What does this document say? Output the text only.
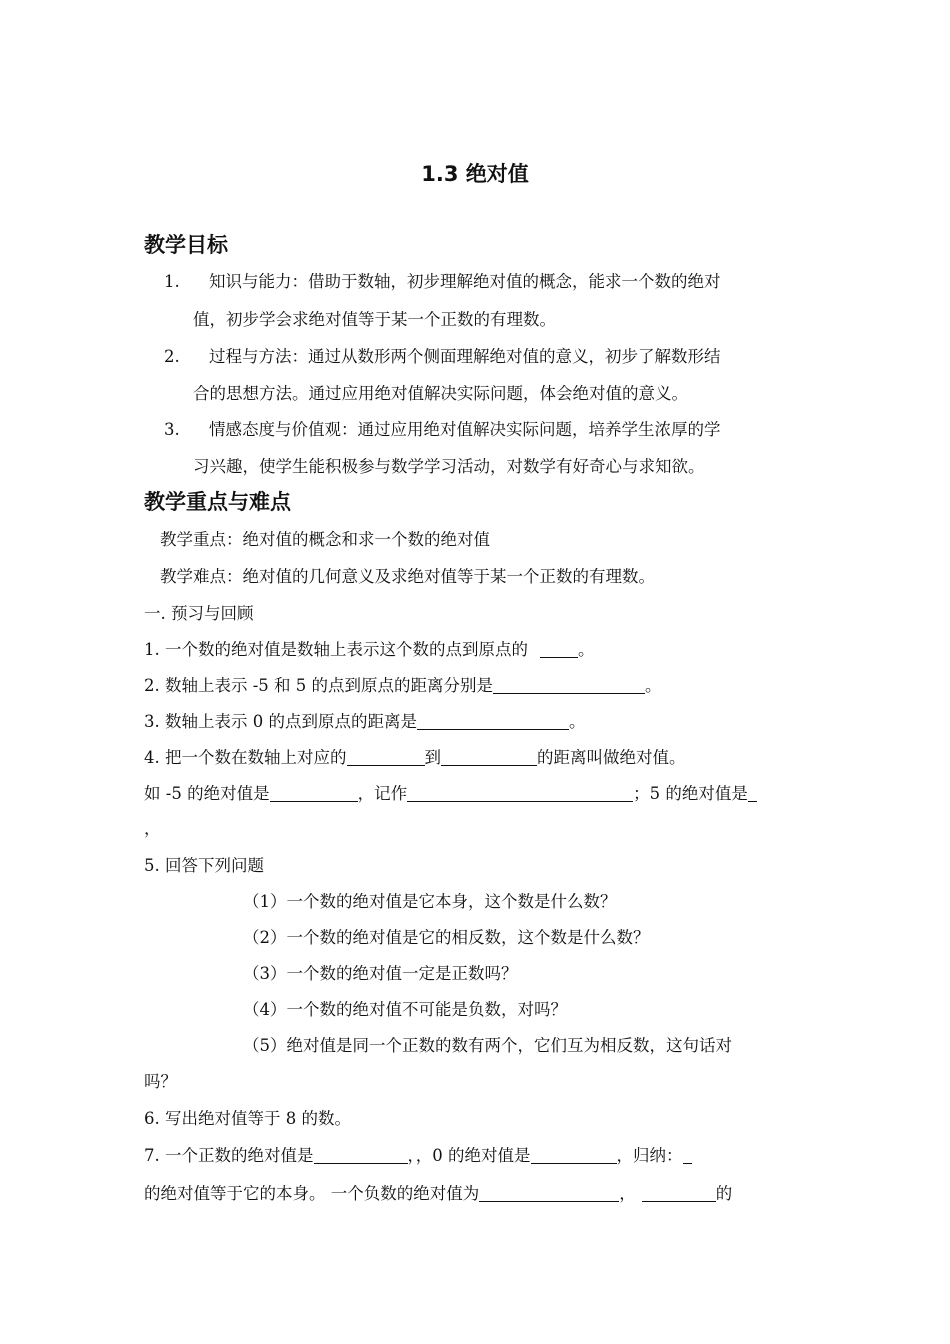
1.3 绝对值
教学目标
1. 知识与能力：借助于数轴，初步理解绝对值的概念，能求一个数的绝对
值，初步学会求绝对值等于某一个正数的有理数。
2. 过程与方法：通过从数形两个侧面理解绝对值的意义，初步了解数形结
合的思想方法。通过应用绝对值解决实际问题，体会绝对值的意义。
3. 情感态度与价值观：通过应用绝对值解决实际问题，培养学生浓厚的学
习兴趣，使学生能积极参与数学学习活动，对数学有好奇心与求知欲。
教学重点与难点
教学重点：绝对值的概念和求一个数的绝对值
教学难点：绝对值的几何意义及求绝对值等于某一个正数的有理数。
一. 预习与回顾
1. 一个数的绝对值是数轴上表示这个数的点到原点的	。
2. 数轴上表示 -5 和 5 的点到原点的距离分别是	。
3. 数轴上表示 0 的点到原点的距离是	。
4. 把一个数在数轴上对应的	到	的距离叫做绝对值。
如 -5 的绝对值是	，记作	；5 的绝对值是
，
5. 回答下列问题
（1）一个数的绝对值是它本身，这个数是什么数？
（2）一个数的绝对值是它的相反数，这个数是什么数？
（3）一个数的绝对值一定是正数吗？
（4）一个数的绝对值不可能是负数，对吗？
（5）绝对值是同一个正数的数有两个，它们互为相反数，这句话对
吗？
6. 写出绝对值等于 8 的数。
7. 一个正数的绝对值是	，，0 的绝对值是	，归纳：
的绝对值等于它的本身。 一个负数的绝对值为	，	的
